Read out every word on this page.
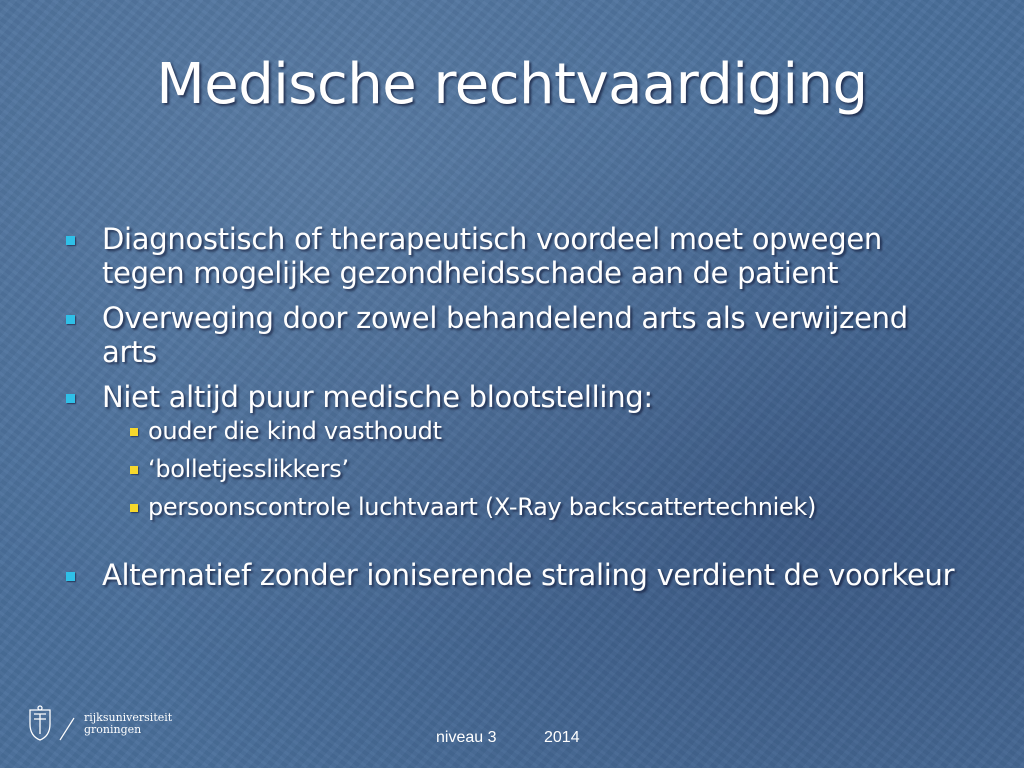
Medische rechtvaardiging
Diagnostisch of therapeutisch voordeel moet opwegen tegen mogelijke gezondheidsschade aan de patient
Overweging door zowel behandelend arts als verwijzend arts
Niet altijd puur medische blootstelling:
ouder die kind vasthoudt
‘bolletjesslikkers’
persoonscontrole luchtvaart (X-Ray backscattertechniek)
Alternatief zonder ioniserende straling verdient de voorkeur
rijksuniversiteit
groningen	niveau 3	2014
